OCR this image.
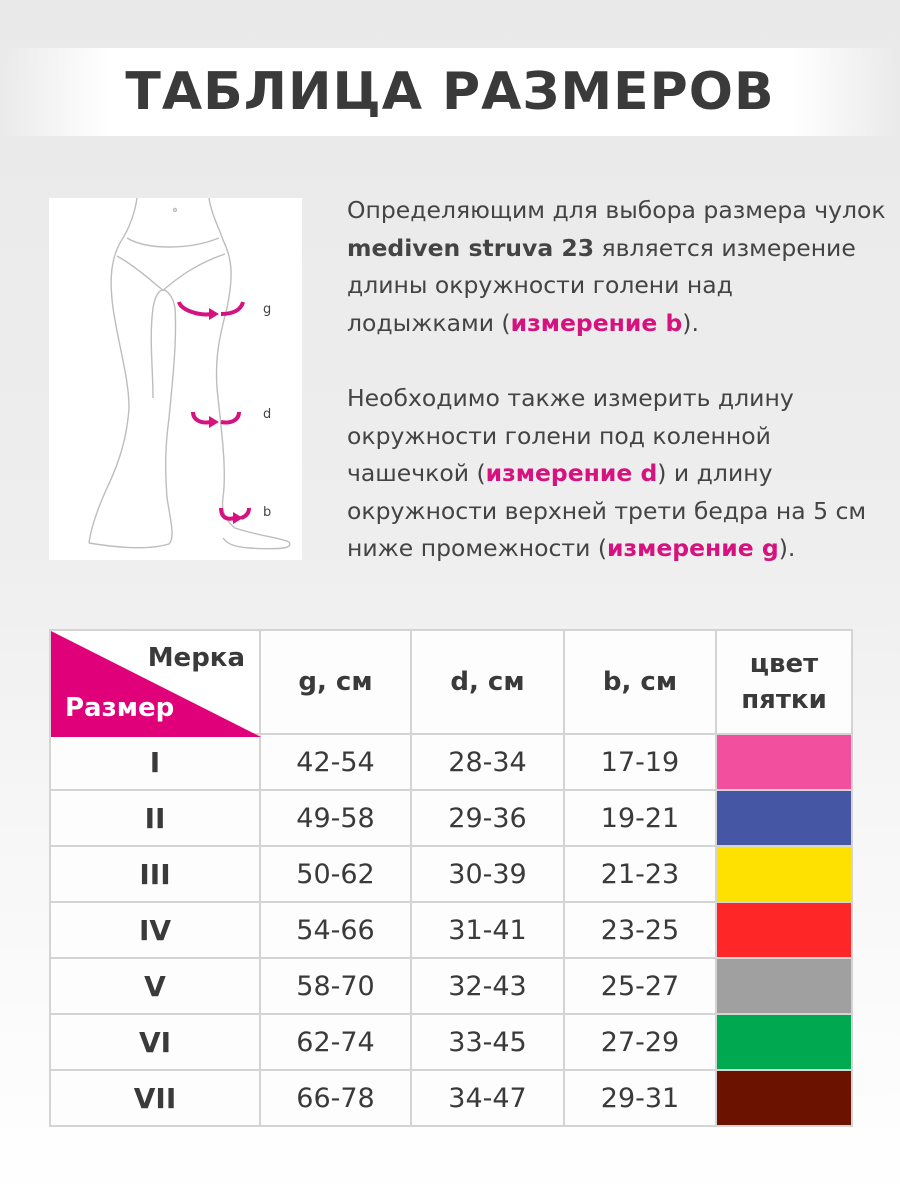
ТАБЛИЦА РАЗМЕРОВ
g
d
b

Определяющим для выбора размера чулок mediven struva 23 является измерение длины окружности голени над лодыжками (измерение b).

Необходимо также измерить длину окружности голени под коленной чашечкой (измерение d) и длину окружности верхней трети бедра на 5 см ниже промежности (измерение g).

Мерка
Размер	g, см	d, см	b, см	цвет
пятки
I	42-54	28-34	17-19	

II	49-58	29-36	19-21	

III	50-62	30-39	21-23	

IV	54-66	31-41	23-25	

V	58-70	32-43	25-27	

VI	62-74	33-45	27-29	

VII	66-78	34-47	29-31	
